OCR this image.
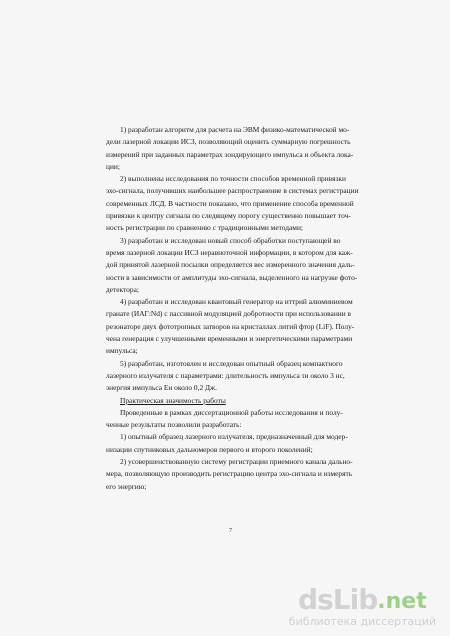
1) разработан алгоритм для расчета на ЭВМ физико-математической мо-

дели лазерной локации ИСЗ, позволяющий оценить суммарную погрешность

измерений при заданных параметрах зондирующего импульса и объекта лока-

ции;

2) выполнены исследования по точности способов временной привязки

эхо-сигнала, получивших наибольшее распространение в системах регистрации

современных ЛСД. В частности показано, что применение способа временной

привязки к центру сигнала по следящему порогу существенно повышает точ-

ность регистрации по сравнению с традиционными методами;

3) разработан и исследован новый способ обработки поступающей во

время лазерной локации ИСЗ неравноточной информации, в котором для каж-

дой принятой лазерной посылки определяется вес измеренного значения даль-

ности в зависимости от амплитуды эхо-сигнала, выделенного на нагрузке фото-

детектора;

4) разработан и исследован квантовый генератор на иттрий алюминиевом

гранате (ИАГ:Nd) с пассивной модуляцией добротности при использовании в

резонаторе двух фототропных затворов на кристаллах литий фтор (LiF). Полу-

чена генерация с улучшенными временными и энергетическими параметрами

импульса;

5) разработан, изготовлен и исследован опытный образец компактного

лазерного излучателя с параметрами: длительность импульса τи около 3 нс,

энергия импульса Eи около 0,2 Дж.

Практическая значимость работы

Проведенные в рамках диссертационной работы исследования и полу-

ченные результаты позволили разработать:

1) опытный образец лазерного излучателя, предназначенный для модер-

низации спутниковых дальномеров первого и второго поколений;

2) усовершенствованную систему регистрации приемного канала дально-

мера, позволяющую производить регистрацию центра эхо-сигнала и измерять

его энергию;

7
ds Lib .net
библиотека диссертаций
